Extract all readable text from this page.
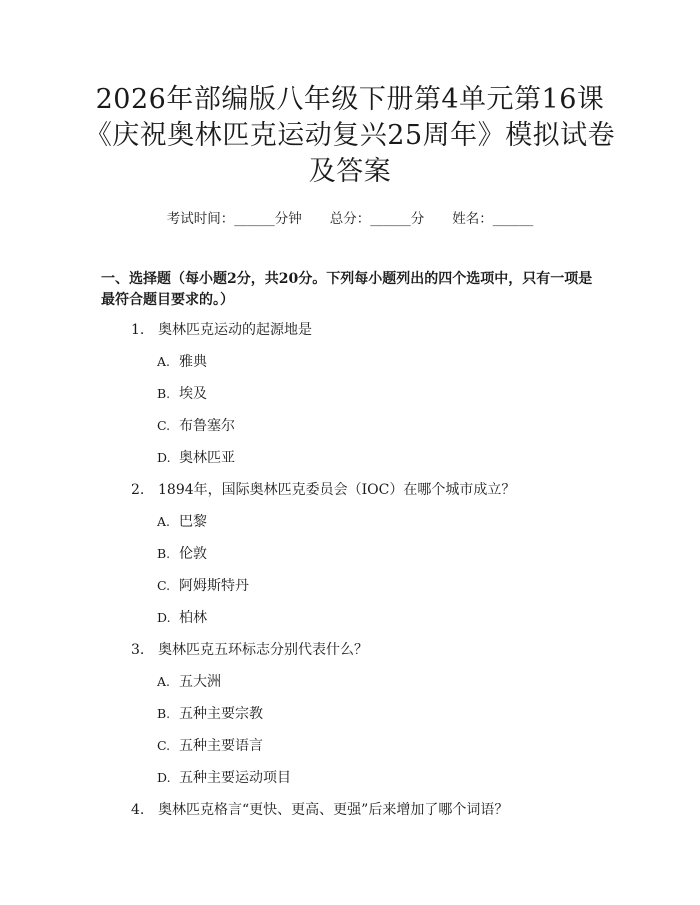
2026年部编版八年级下册第4单元第16课
《庆祝奥林匹克运动复兴25周年》模拟试卷
及答案
考试时间：______分钟 总分：______分 姓名：______
一、选择题（每小题2分，共20分。下列每小题列出的四个选项中，只有一项是最符合题目要求的。）
1. 奥林匹克运动的起源地是
A. 雅典
B. 埃及
C. 布鲁塞尔
D. 奥林匹亚
2. 1894年，国际奥林匹克委员会（IOC）在哪个城市成立？
A. 巴黎
B. 伦敦
C. 阿姆斯特丹
D. 柏林
3. 奥林匹克五环标志分别代表什么？
A. 五大洲
B. 五种主要宗教
C. 五种主要语言
D. 五种主要运动项目
4. 奥林匹克格言“更快、更高、更强”后来增加了哪个词语？
